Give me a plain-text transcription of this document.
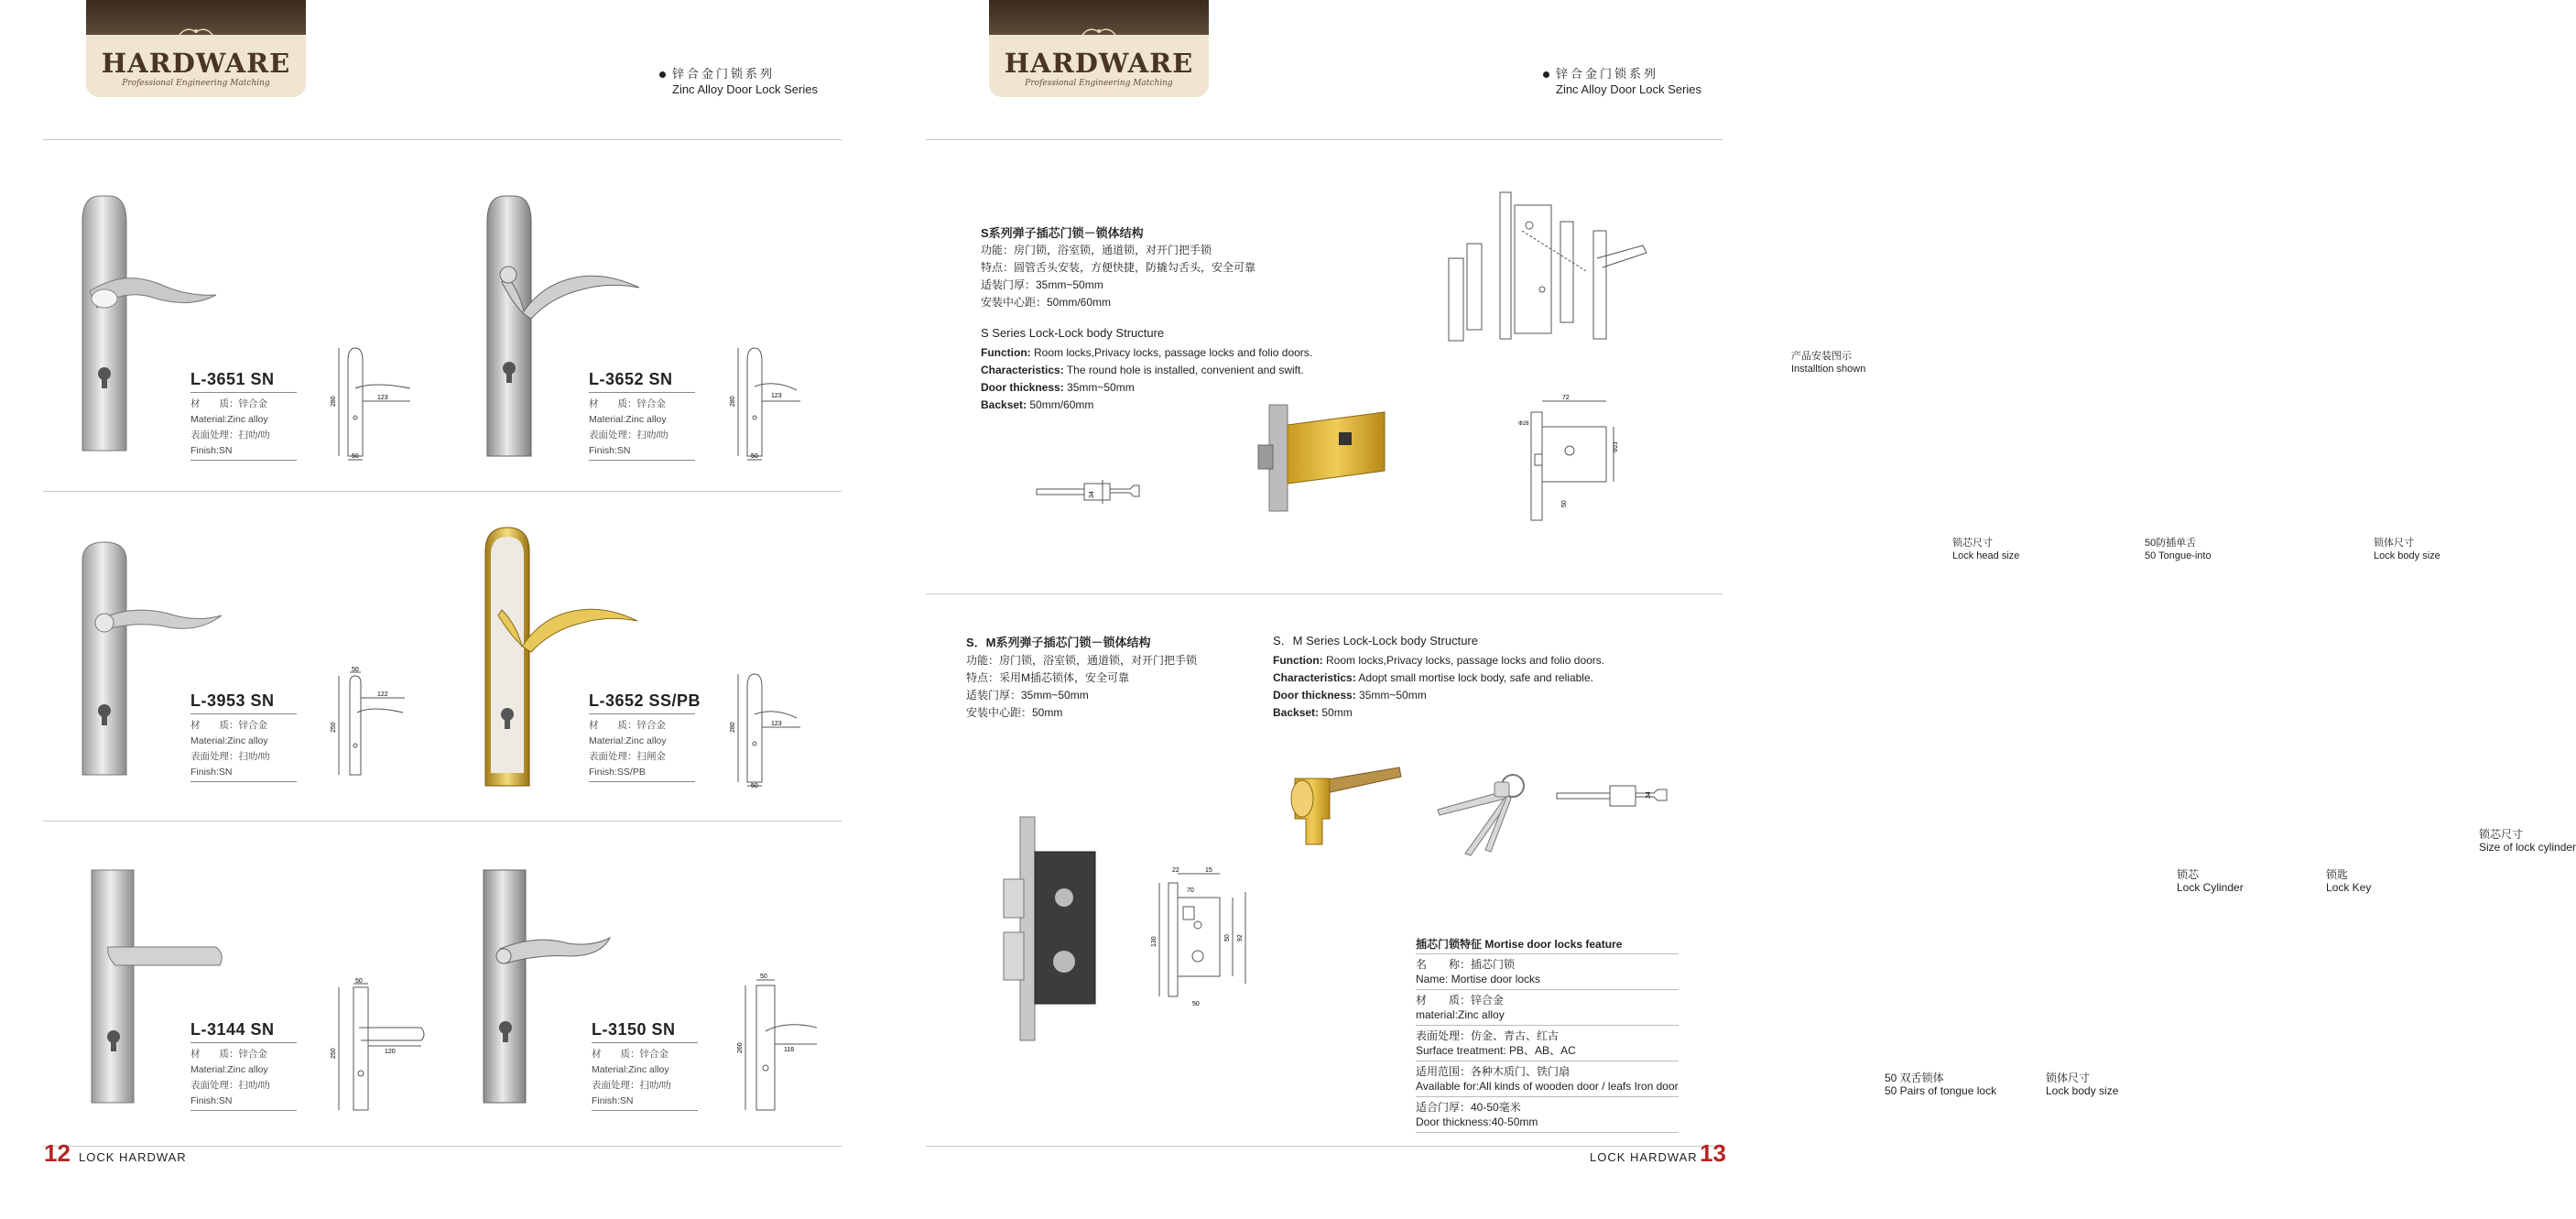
HARDWARE
Professional Engineering Matching
锌合金门锁系列
Zinc Alloy Door Lock Series
L-3651 SN
材　　质：锌合金
Material:Zinc alloy
表面处理：扫叻/叻
Finish:SN
280	123
50
L-3652 SN
材　　质：锌合金
Material:Zinc alloy
表面处理：扫叻/叻
Finish:SN
280	123
50
L-3953 SN
材　　质：锌合金
Material:Zinc alloy
表面处理：扫叻/叻
Finish:SN
250
122
50
L-3652 SS/PB
材　　质：锌合金
Material:Zinc alloy
表面处理：扫闸金
Finish:SS/PB
280	123
50
L-3144 SN
材　　质：锌合金
Material:Zinc alloy
表面处理：扫叻/叻
Finish:SN
250	120
50
L-3150 SN
材　　质：锌合金
Material:Zinc alloy
表面处理：扫叻/叻
Finish:SN
260	116
50
12 LOCK HARDWAR
HARDWARE
Professional Engineering Matching
锌合金门锁系列
Zinc Alloy Door Lock Series
S系列弹子插芯门锁－锁体结构
功能：房门锁，浴室锁，通道锁，对开门把手锁
特点：圆管舌头安装，方便快捷，防撬勾舌头，安全可靠
适装门厚：35mm~50mm
安装中心距：50mm/60mm
S Series Lock-Lock body Structure
Function: Room locks,Privacy locks, passage locks and folio doors.
Characteristics: The round hole is installed, convenient and swift.
Door thickness: 35mm~50mm
Backset: 50mm/60mm
产品安装图示
Installtion shown
34
锁芯尺寸
Lock head size
50防插单舌
50 Tongue-into
72
Φ28
Φ23
50
锁体尺寸
Lock body size
S．M系列弹子插芯门锁－锁体结构
功能：房门锁，浴室锁，通道锁，对开门把手锁
特点：采用M插芯锁体，安全可靠
适装门厚：35mm~50mm
安装中心距：50mm
S．M Series Lock-Lock body Structure
Function: Room locks,Privacy locks, passage locks and folio doors.
Characteristics: Adopt small mortise lock body, safe and reliable.
Door thickness: 35mm~50mm
Backset: 50mm
锁芯
Lock Cylinder
锁匙
Lock Key
34
锁芯尺寸
Size of lock cylinder
50 双舌锁体
50 Pairs of tongue lock
22	15
70
50 92
130
50
锁体尺寸
Lock body size
插芯门锁特征 Mortise door locks feature
名　　称：插芯门锁
Name: Mortise door locks
材　　质：锌合金
material:Zinc alloy
表面处理：仿金、青古、红古
Surface treatment: PB、AB、AC
适用范围：各种木质门、铁门扇
Available for:All kinds of wooden door / leafs Iron door
适合门厚：40-50毫米
Door thickness:40-50mm
LOCK HARDWAR 13
